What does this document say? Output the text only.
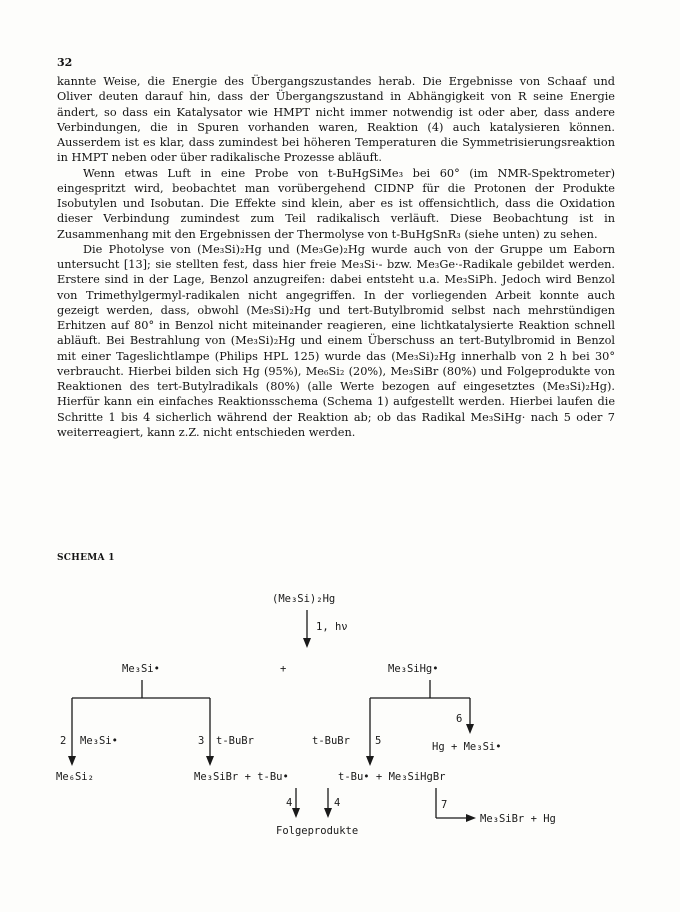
32

kannte Weise, die Energie des Übergangszustandes herab. Die Ergebnisse von Schaaf und Oliver deuten darauf hin, dass der Übergangszustand in Abhängigkeit von R seine Energie ändert, so dass ein Katalysator wie HMPT nicht immer notwendig ist oder aber, dass andere Verbindungen, die in Spuren vorhanden waren, Reaktion (4) auch katalysieren können. Ausserdem ist es klar, dass zumindest bei höheren Temperaturen die Symmetrisierungsreaktion in HMPT neben oder über radikalische Prozesse abläuft.

Wenn etwas Luft in eine Probe von t-BuHgSiMe₃ bei 60° (im NMR-Spektrometer) eingespritzt wird, beobachtet man vorübergehend CIDNP für die Protonen der Produkte Isobutylen und Isobutan. Die Effekte sind klein, aber es ist offensichtlich, dass die Oxidation dieser Verbindung zumindest zum Teil radikalisch verläuft. Diese Beobachtung ist in Zusammenhang mit den Ergebnissen der Thermolyse von t-BuHgSnR₃ (siehe unten) zu sehen.

Die Photolyse von (Me₃Si)₂Hg und (Me₃Ge)₂Hg wurde auch von der Gruppe um Eaborn untersucht [13]; sie stellten fest, dass hier freie Me₃Si·- bzw. Me₃Ge·-Radikale gebildet werden. Erstere sind in der Lage, Benzol anzugreifen: dabei entsteht u.a. Me₃SiPh. Jedoch wird Benzol von Trimethylgermyl-radikalen nicht angegriffen. In der vorliegenden Arbeit konnte auch gezeigt werden, dass, obwohl (Me₃Si)₂Hg und tert-Butylbromid selbst nach mehrstündigen Erhitzen auf 80° in Benzol nicht miteinander reagieren, eine lichtkatalysierte Reaktion schnell abläuft. Bei Bestrahlung von (Me₃Si)₂Hg und einem Überschuss an tert-Butylbromid in Benzol mit einer Tageslichtlampe (Philips HPL 125) wurde das (Me₃Si)₂Hg innerhalb von 2 h bei 30° verbraucht. Hierbei bilden sich Hg (95%), Me₆Si₂ (20%), Me₃SiBr (80%) und Folgeprodukte von Reaktionen des tert-Butylradikals (80%) (alle Werte bezogen auf eingesetztes (Me₃Si)₂Hg). Hierfür kann ein einfaches Reaktionsschema (Schema 1) aufgestellt werden. Hierbei laufen die Schritte 1 bis 4 sicherlich während der Reaktion ab; ob das Radikal Me₃SiHg· nach 5 oder 7 weiterreagiert, kann z.Z. nicht entschieden werden.

SCHEMA 1
(Me₃Si)₂Hg
1, hν
Me₃Si•	+	Me₃SiHg•
2 Me₃Si•	3 t-BuBr	t-BuBr 5
6
Hg + Me₃Si•
Me₆Si₂	Me₃SiBr + t-Bu•	t-Bu• + Me₃SiHgBr
4	4
Folgeprodukte
7
Me₃SiBr + Hg
